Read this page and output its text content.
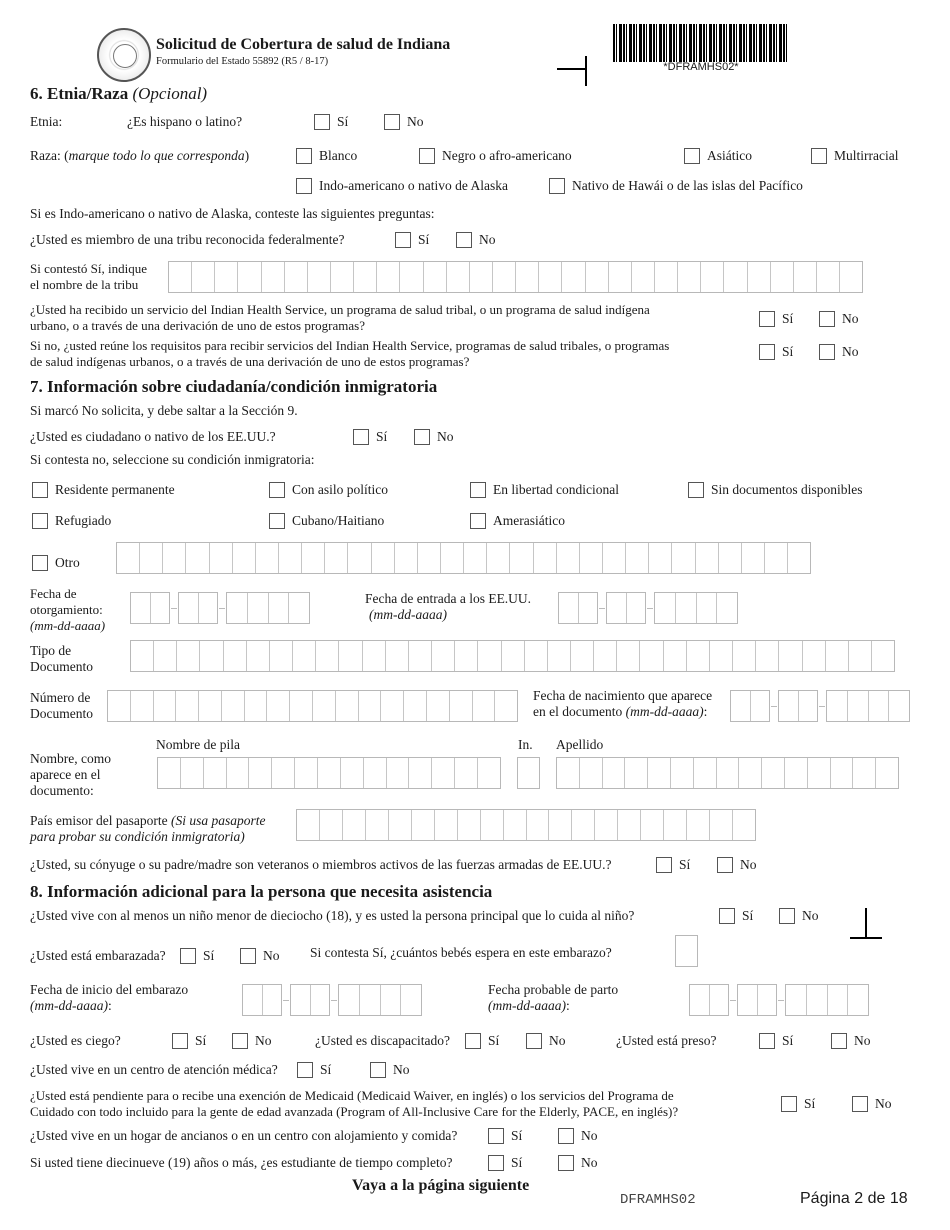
Solicitud de Cobertura de salud de Indiana
Formulario del Estado 55892 (R5 / 8-17)	*DFRAMHS02*
6. Etnia/Raza (Opcional)
Etnia:	¿Es hispano o latino?	Sí	No
Raza: (marque todo lo que corresponda)	Blanco	Negro o afro-americano	Asiático	Multirracial
Indo-americano o nativo de Alaska	Nativo de Hawái o de las islas del Pacífico
Si es Indo-americano o nativo de Alaska, conteste las siguientes preguntas:
¿Usted es miembro de una tribu reconocida federalmente?	Sí	No
Si contestó Sí, indique
el nombre de la tribu
¿Usted ha recibido un servicio del Indian Health Service, un programa de salud tribal, o un programa de salud indígena
urbano, o a través de una derivación de uno de estos programas?	Sí	No
Si no, ¿usted reúne los requisitos para recibir servicios del Indian Health Service, programas de salud tribales, o programas
de salud indígenas urbanos, o a través de una derivación de uno de estos programas?
Sí	No
7. Información sobre ciudadanía/condición inmigratoria
Si marcó No solicita, y debe saltar a la Sección 9.
¿Usted es ciudadano o nativo de los EE.UU.?	Sí	No
Si contesta no, seleccione su condición inmigratoria:
Residente permanente	Con asilo político	En libertad condicional	Sin documentos disponibles
Refugiado	Cubano/Haitiano	Amerasiático
Otro
Fecha de
otorgamiento:
(mm-dd-aaaa)
Fecha de entrada a los EE.UU.
(mm-dd-aaaa)
Tipo de
Documento
Número de
Documento
Fecha de nacimiento que aparece
en el documento (mm-dd-aaaa):
Nombre de pila	In. Apellido
Nombre, como
aparece en el
documento:
País emisor del pasaporte (Si usa pasaporte
para probar su condición inmigratoria)
¿Usted, su cónyuge o su padre/madre son veteranos o miembros activos de las fuerzas armadas de EE.UU.?	Sí	No
8. Información adicional para la persona que necesita asistencia
¿Usted vive con al menos un niño menor de dieciocho (18), y es usted la persona principal que lo cuida al niño?	Sí	No
¿Usted está embarazada?	Sí	No Si contesta Sí, ¿cuántos bebés espera en este embarazo?
Fecha de inicio del embarazo
(mm-dd-aaaa):
Fecha probable de parto
(mm-dd-aaaa):
¿Usted es ciego?	Sí	No	¿Usted es discapacitado?	Sí	No	¿Usted está preso?	Sí	No
¿Usted vive en un centro de atención médica?	Sí	No
¿Usted está pendiente para o recibe una exención de Medicaid (Medicaid Waiver, en inglés) o los servicios del Programa de
Cuidado con todo incluido para la gente de edad avanzada (Program of All-Inclusive Care for the Elderly, PACE, en inglés)?
Sí	No
¿Usted vive en un hogar de ancianos o en un centro con alojamiento y comida?	Sí	No
Si usted tiene diecinueve (19) años o más, ¿es estudiante de tiempo completo?	Sí	No
Vaya a la página siguiente
DFRAMHS02	Página 2 de 18
